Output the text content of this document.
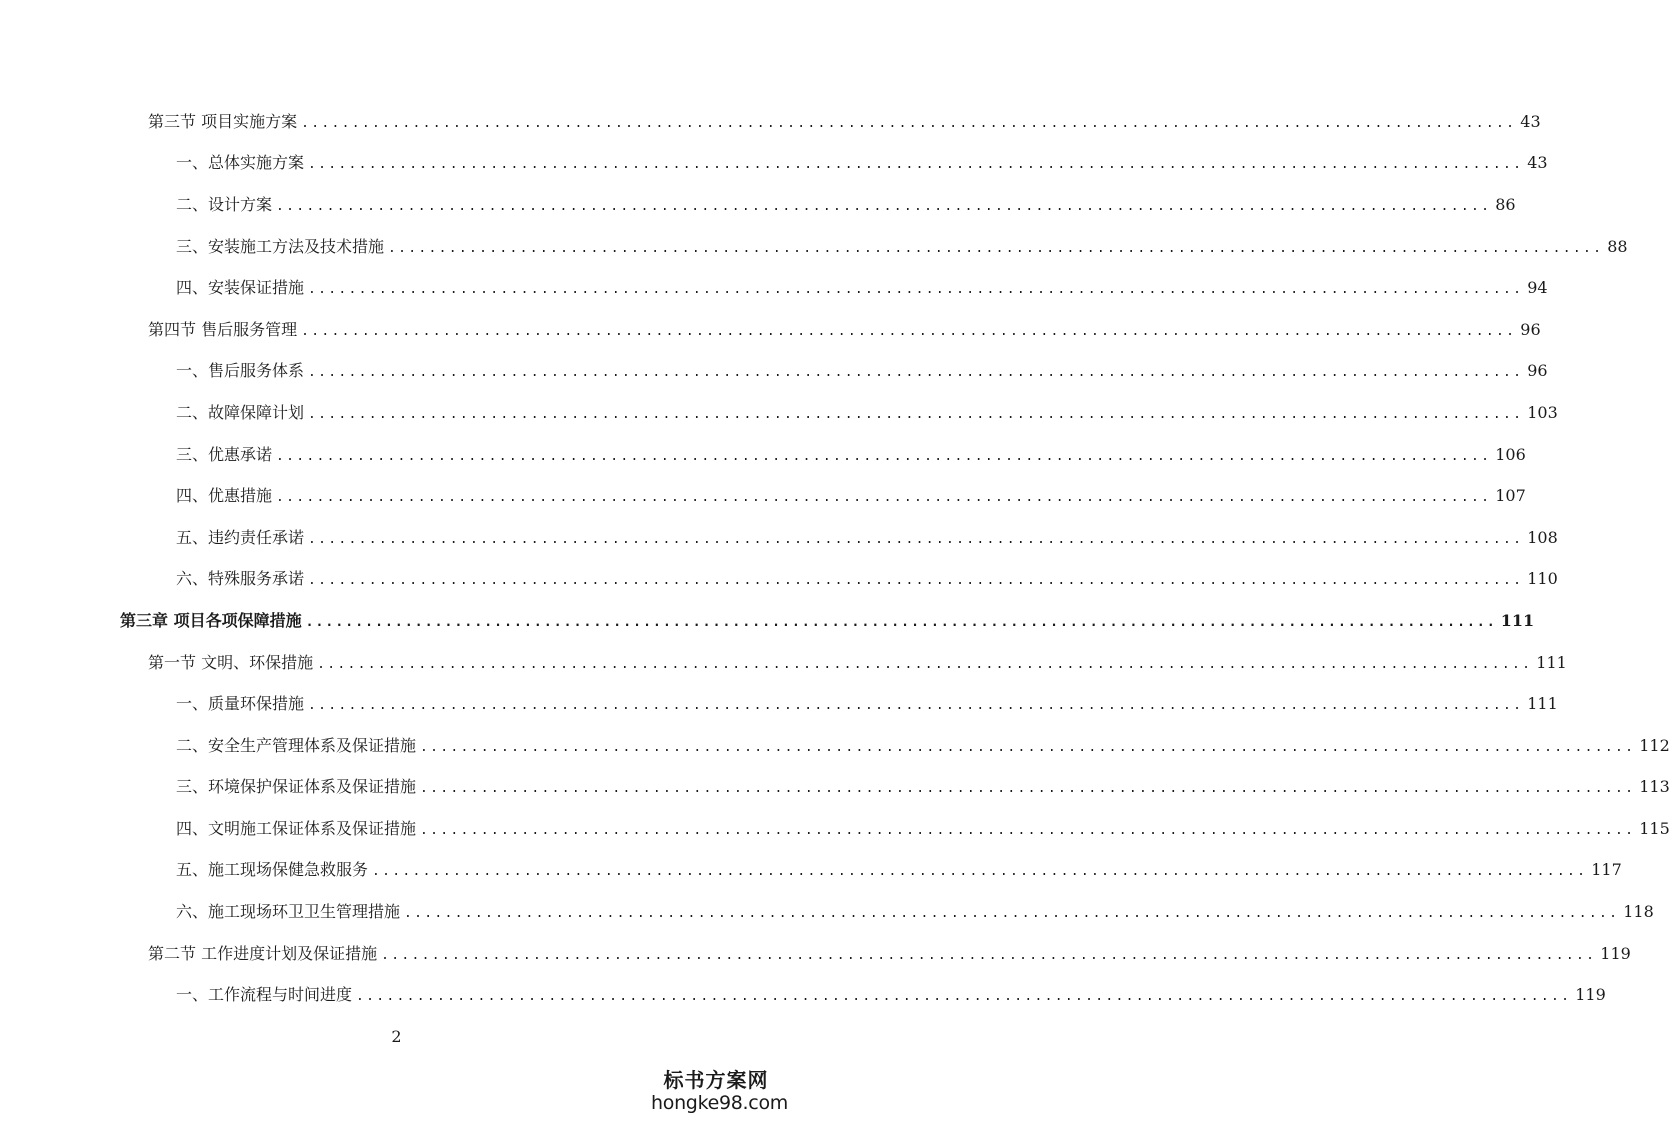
第三节 项目实施方案 ........................................................................................................................ 43
一、总体实施方案 ........................................................................................................................ 43
二、设计方案 ........................................................................................................................ 86
三、安装施工方法及技术措施 ........................................................................................................................ 88
四、安装保证措施 ........................................................................................................................ 94
第四节 售后服务管理 ........................................................................................................................ 96
一、售后服务体系 ........................................................................................................................ 96
二、故障保障计划 ........................................................................................................................ 103
三、优惠承诺 ........................................................................................................................ 106
四、优惠措施 ........................................................................................................................ 107
五、违约责任承诺 ........................................................................................................................ 108
六、特殊服务承诺 ........................................................................................................................ 110
第三章 项目各项保障措施 ........................................................................................................................ 111
第一节 文明、环保措施 ........................................................................................................................ 111
一、质量环保措施 ........................................................................................................................ 111
二、安全生产管理体系及保证措施 ........................................................................................................................ 112
三、环境保护保证体系及保证措施 ........................................................................................................................ 113
四、文明施工保证体系及保证措施 ........................................................................................................................ 115
五、施工现场保健急救服务 ........................................................................................................................ 117
六、施工现场环卫卫生管理措施 ........................................................................................................................ 118
第二节 工作进度计划及保证措施 ........................................................................................................................ 119
一、工作流程与时间进度 ........................................................................................................................ 119
2
标书方案网
hongke98.com
